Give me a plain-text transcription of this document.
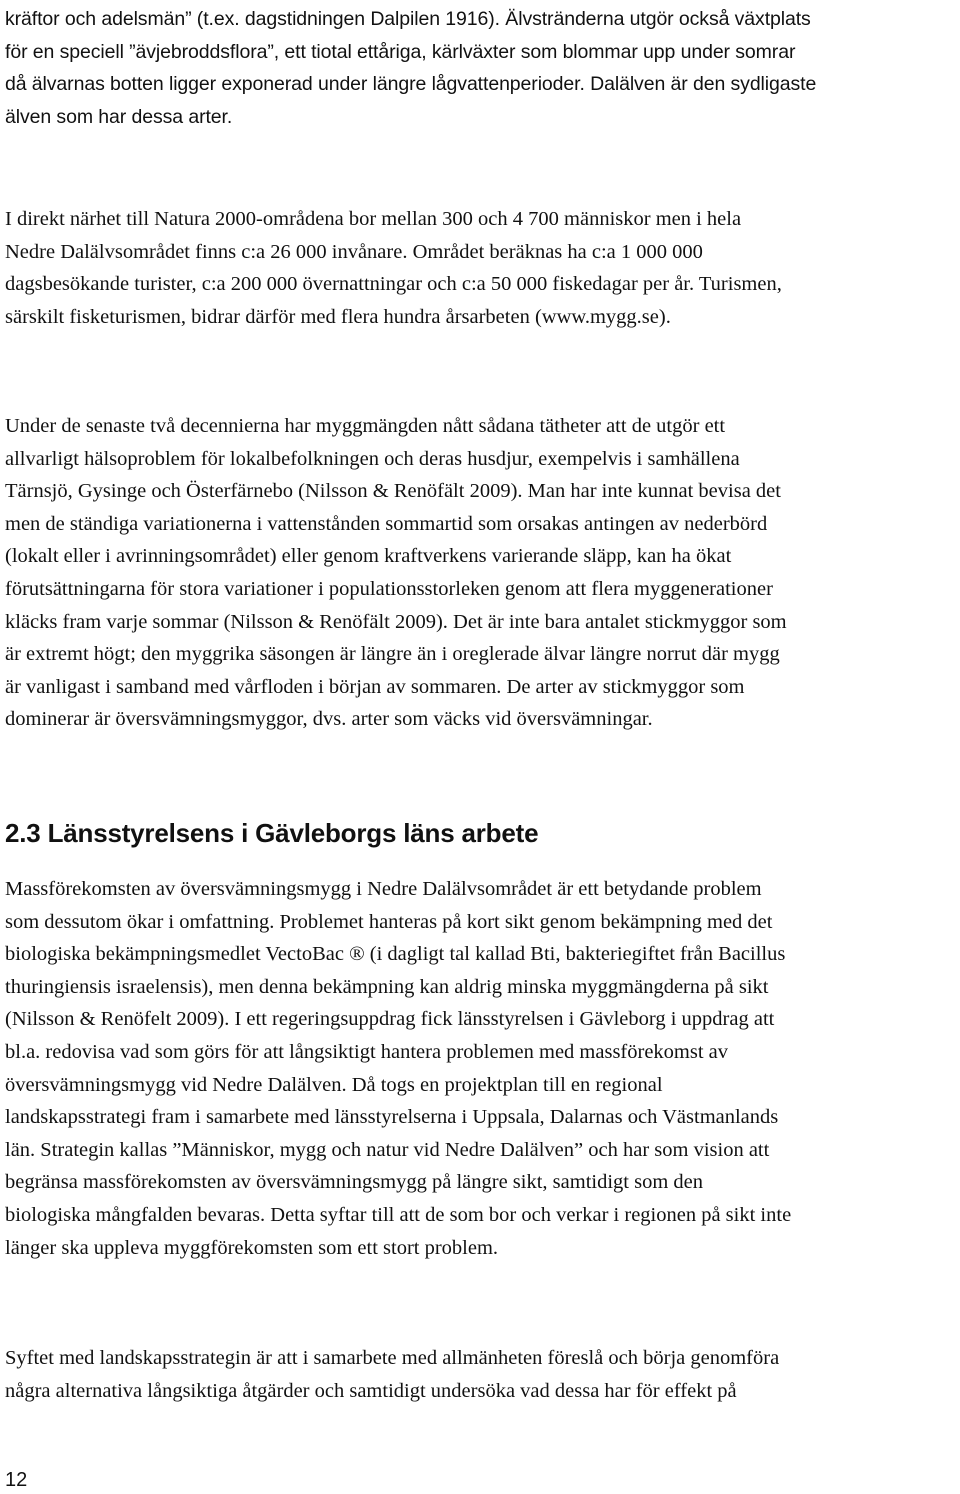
kräftor och adelsmän” (t.ex. dagstidningen Dalpilen 1916). Älvstränderna utgör också växtplats
för en speciell ”ävjebroddsflora”, ett tiotal ettåriga, kärlväxter som blommar upp under somrar
då älvarnas botten ligger exponerad under längre lågvattenperioder. Dalälven är den sydligaste
älven som har dessa arter.

I direkt närhet till Natura 2000-områdena bor mellan 300 och 4 700 människor men i hela
Nedre Dalälvsområdet finns c:a 26 000 invånare. Området beräknas ha c:a 1 000 000
dagsbesökande turister, c:a 200 000 övernattningar och c:a 50 000 fiskedagar per år. Turismen,
särskilt fisketurismen, bidrar därför med flera hundra årsarbeten (www.mygg.se).

Under de senaste två decennierna har myggmängden nått sådana tätheter att de utgör ett
allvarligt hälsoproblem för lokalbefolkningen och deras husdjur, exempelvis i samhällena
Tärnsjö, Gysinge och Österfärnebo (Nilsson & Renöfält 2009). Man har inte kunnat bevisa det
men de ständiga variationerna i vattenstånden sommartid som orsakas antingen av nederbörd
(lokalt eller i avrinningsområdet) eller genom kraftverkens varierande släpp, kan ha ökat
förutsättningarna för stora variationer i populationsstorleken genom att flera myggenerationer
kläcks fram varje sommar (Nilsson & Renöfält 2009). Det är inte bara antalet stickmyggor som
är extremt högt; den myggrika säsongen är längre än i oreglerade älvar längre norrut där mygg
är vanligast i samband med vårfloden i början av sommaren. De arter av stickmyggor som
dominerar är översvämningsmyggor, dvs. arter som väcks vid översvämningar.

2.3 Länsstyrelsens i Gävleborgs läns arbete

Massförekomsten av översvämningsmygg i Nedre Dalälvsområdet är ett betydande problem
som dessutom ökar i omfattning. Problemet hanteras på kort sikt genom bekämpning med det
biologiska bekämpningsmedlet VectoBac ® (i dagligt tal kallad Bti, bakteriegiftet från Bacillus
thuringiensis israelensis), men denna bekämpning kan aldrig minska myggmängderna på sikt
(Nilsson & Renöfelt 2009). I ett regeringsuppdrag fick länsstyrelsen i Gävleborg i uppdrag att
bl.a. redovisa vad som görs för att långsiktigt hantera problemen med massförekomst av
översvämningsmygg vid Nedre Dalälven. Då togs en projektplan till en regional
landskapsstrategi fram i samarbete med länsstyrelserna i Uppsala, Dalarnas och Västmanlands
län. Strategin kallas ”Människor, mygg och natur vid Nedre Dalälven” och har som vision att
begränsa massförekomsten av översvämningsmygg på längre sikt, samtidigt som den
biologiska mångfalden bevaras. Detta syftar till att de som bor och verkar i regionen på sikt inte
länger ska uppleva myggförekomsten som ett stort problem.

Syftet med landskapsstrategin är att i samarbete med allmänheten föreslå och börja genomföra
några alternativa långsiktiga åtgärder och samtidigt undersöka vad dessa har för effekt på

12
